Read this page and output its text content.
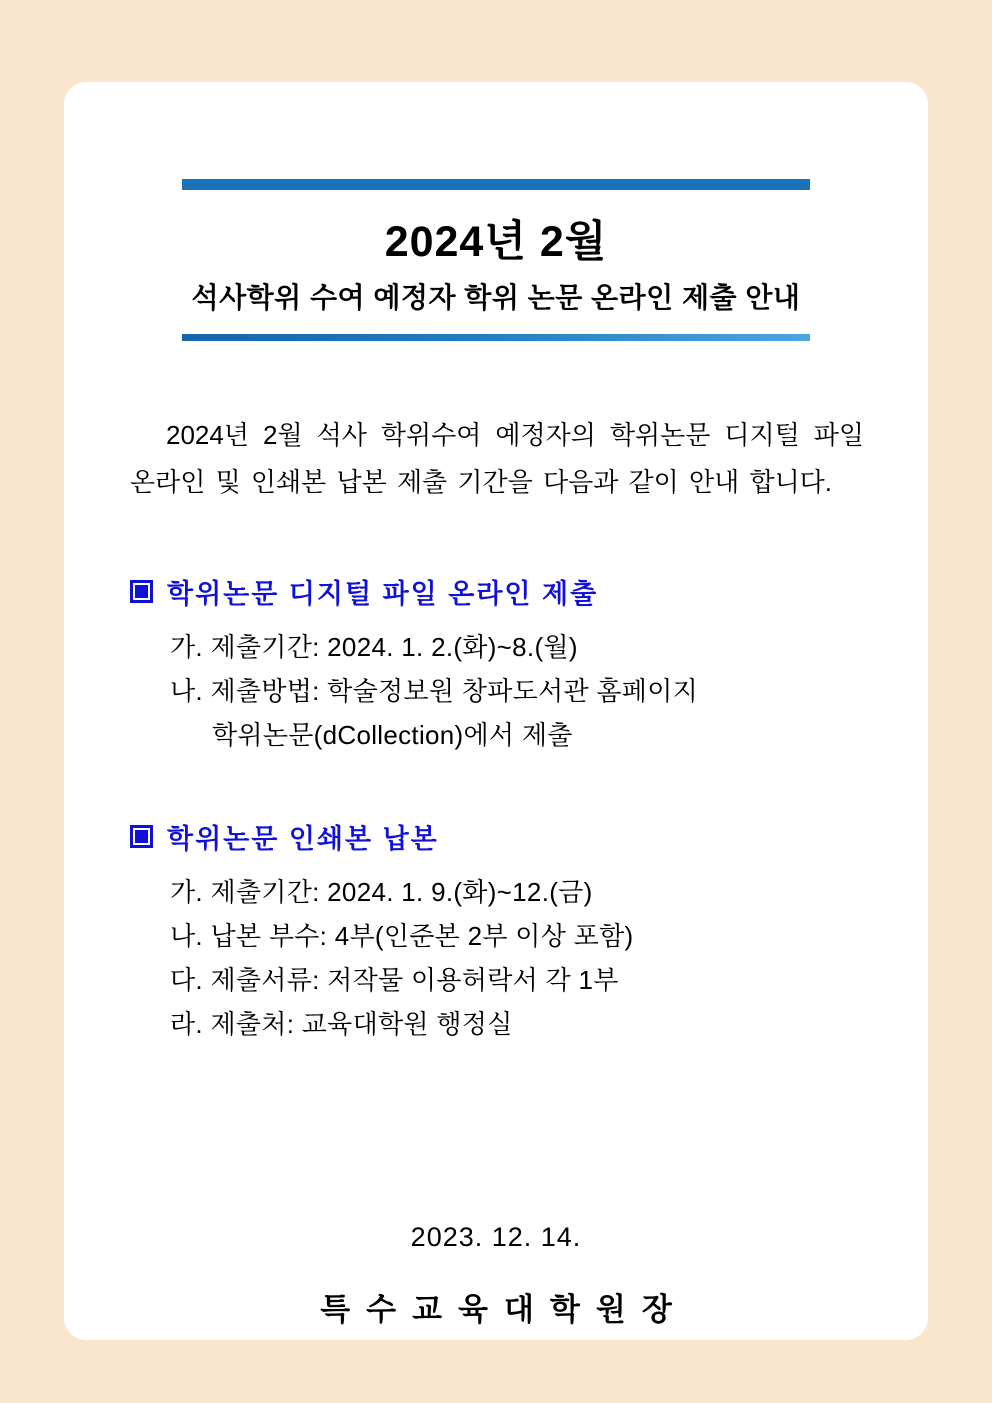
2024년 2월
석사학위 수여 예정자 학위 논문 온라인 제출 안내

2024년 2월 석사 학위수여 예정자의 학위논문 디지털 파일 온라인 및 인쇄본 납본 제출 기간을 다음과 같이 안내 합니다.

학위논문 디지털 파일 온라인 제출
가. 제출기간: 2024. 1. 2.(화)~8.(월)
나. 제출방법: 학술정보원 창파도서관 홈페이지
학위논문(dCollection)에서 제출
학위논문 인쇄본 납본
가. 제출기간: 2024. 1. 9.(화)~12.(금)
나. 납본 부수: 4부(인준본 2부 이상 포함)
다. 제출서류: 저작물 이용허락서 각 1부
라. 제출처: 교육대학원 행정실
2023. 12. 14.
특수교육대학원장
